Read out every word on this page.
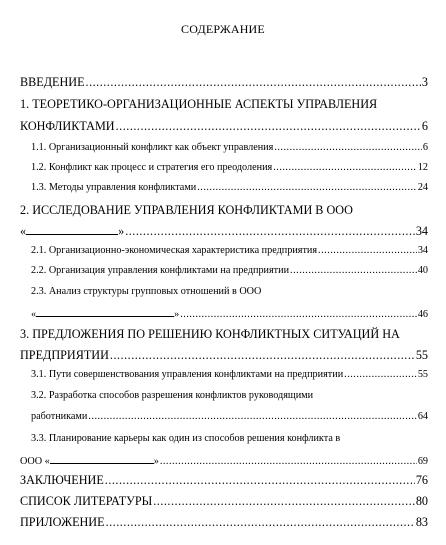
СОДЕРЖАНИЕ
ВВЕДЕНИЕ .....	3
1. ТЕОРЕТИКО-ОРГАНИЗАЦИОННЫЕ АСПЕКТЫ УПРАВЛЕНИЯ
КОНФЛИКТАМИ .....	6
1.1. Организационный конфликт как объект управления .....	6
1.2. Конфликт как процесс и стратегия его преодоления .....	12
1.3. Методы управления конфликтами .....	24
2. ИССЛЕДОВАНИЕ УПРАВЛЕНИЯ КОНФЛИКТАМИ В ООО
«	» .....	34
2.1. Организационно-экономическая характеристика предприятия .....	34
2.2. Организация управления конфликтами на предприятии .....	40
2.3. Анализ структуры групповых отношений в ООО
«	» .....	46
3. ПРЕДЛОЖЕНИЯ ПО РЕШЕНИЮ КОНФЛИКТНЫХ СИТУАЦИЙ НА
ПРЕДПРИЯТИИ .....	55
3.1. Пути совершенствования управления конфликтами на предприятии .....	55
3.2. Разработка способов разрешения конфликтов руководящими
работниками .....	64
3.3. Планирование карьеры как один из способов решения конфликта в
ООО «	» .....	69
ЗАКЛЮЧЕНИЕ .....	76
СПИСОК ЛИТЕРАТУРЫ .....	80
ПРИЛОЖЕНИЕ .....	83
